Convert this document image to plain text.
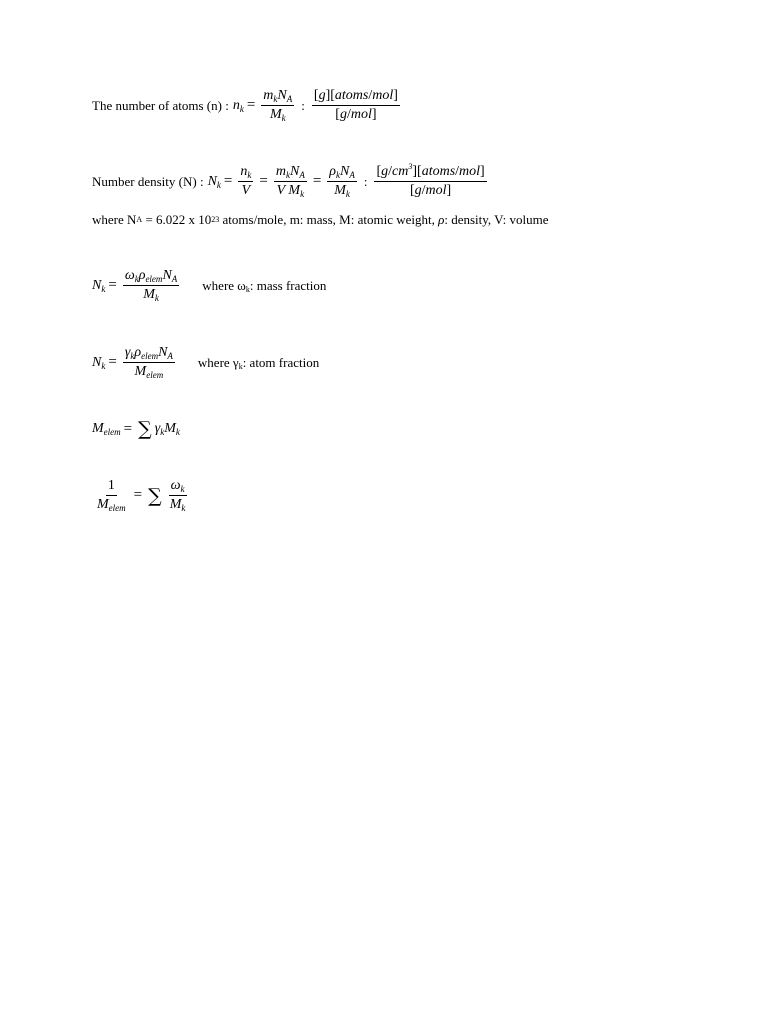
The number of atoms (n) : $n_k = \frac{m_kN_A}{M_k}$ : $\frac{\text{[g][atoms/mol]}}{\text{[g/mol]}}$
Number density (N) : $N_k = \frac{n_k}{V} = \frac{m_kN_A}{V M_k} = \frac{\rho_kN_A}{M_k}$ : $\frac{[g/cm^3][atoms/mol]}{\text{[g/mol]}}$
where N A = 6.022 x 10 23 atoms/mole, m: mass, M: atomic weight, ρ : density, V: volume
$N_k = \frac{\omega_k\rho_{elem}N_A}{M_k}$ where $\omega_k$: mass fraction
$N_k = \frac{\gamma_k\rho_{elem}N_A}{M_{elem}}$ where $\gamma_k$: atom fraction
$M_{elem}$ = ∑ $\gamma_kM_k$
$\frac{1}{M_{elem}}$ = ∑ $\frac{\omega_k}{M_k}$
